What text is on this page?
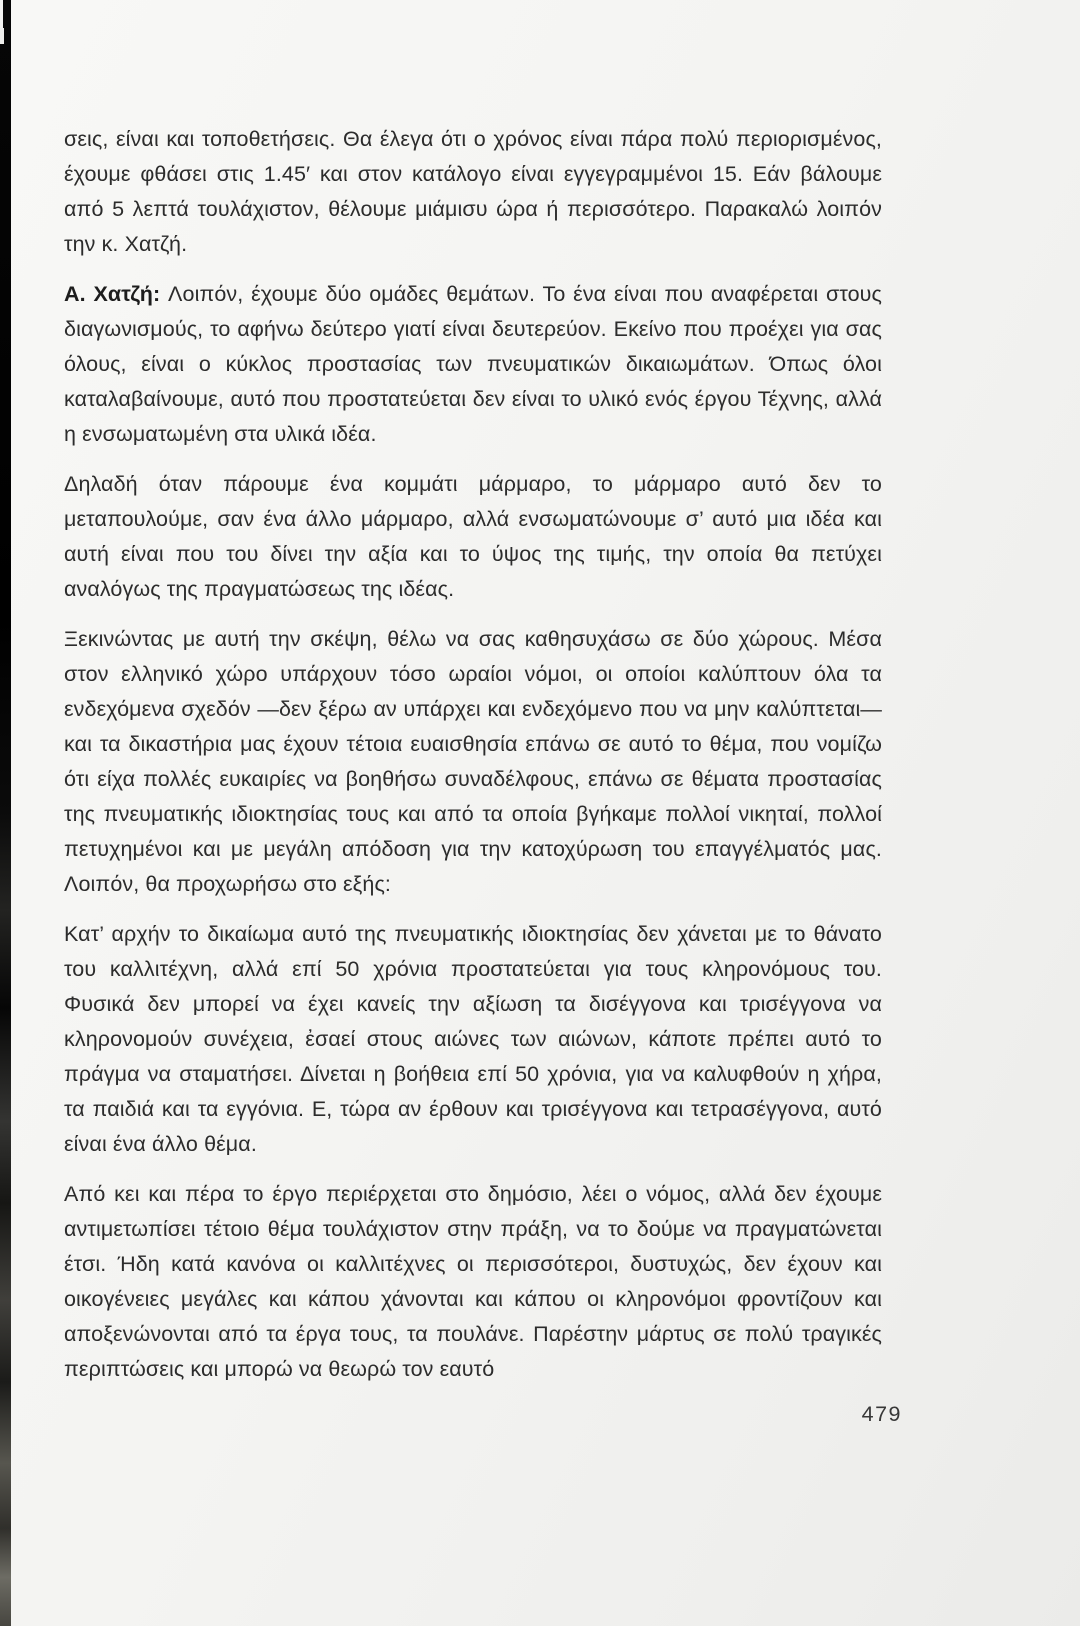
σεις, είναι και τοποθετήσεις. Θα έλεγα ότι ο χρόνος είναι πάρα πολύ περιορισμένος, έχουμε φθάσει στις 1.45′ και στον κατάλογο είναι εγγεγραμμένοι 15. Εάν βάλουμε από 5 λεπτά τουλάχιστον, θέλουμε μιάμισυ ώρα ή περισσότερο. Παρακαλώ λοιπόν την κ. Χατζή.

Α. Χατζή: Λοιπόν, έχουμε δύο ομάδες θεμάτων. Το ένα είναι που αναφέρεται στους διαγωνισμούς, το αφήνω δεύτερο γιατί είναι δευτερεύον. Εκείνο που προέχει για σας όλους, είναι ο κύκλος προστασίας των πνευματικών δικαιωμάτων. Όπως όλοι καταλαβαίνουμε, αυτό που προστατεύεται δεν είναι το υλικό ενός έργου Τέχνης, αλλά η ενσωματωμένη στα υλικά ιδέα.

Δηλαδή όταν πάρουμε ένα κομμάτι μάρμαρο, το μάρμαρο αυτό δεν το μεταπουλούμε, σαν ένα άλλο μάρμαρο, αλλά ενσωματώνουμε σ’ αυτό μια ιδέα και αυτή είναι που του δίνει την αξία και το ύψος της τιμής, την οποία θα πετύχει αναλόγως της πραγματώσεως της ιδέας.

Ξεκινώντας με αυτή την σκέψη, θέλω να σας καθησυχάσω σε δύο χώρους. Μέσα στον ελληνικό χώρο υπάρχουν τόσο ωραίοι νόμοι, οι οποίοι καλύπτουν όλα τα ενδεχόμενα σχεδόν —δεν ξέρω αν υπάρχει και ενδεχόμενο που να μην καλύπτεται— και τα δικαστήρια μας έχουν τέτοια ευαισθησία επάνω σε αυτό το θέμα, που νομίζω ότι είχα πολλές ευκαιρίες να βοηθήσω συναδέλφους, επάνω σε θέματα προστασίας της πνευματικής ιδιοκτησίας τους και από τα οποία βγήκαμε πολλοί νικηταί, πολλοί πετυχημένοι και με μεγάλη απόδοση για την κατοχύρωση του επαγγέλματός μας. Λοιπόν, θα προχωρήσω στο εξής:

Κατ’ αρχήν το δικαίωμα αυτό της πνευματικής ιδιοκτησίας δεν χάνεται με το θάνατο του καλλιτέχνη, αλλά επί 50 χρόνια προστατεύεται για τους κληρονόμους του. Φυσικά δεν μπορεί να έχει κανείς την αξίωση τα δισέγγονα και τρισέγγονα να κληρονομούν συνέχεια, ἐσαεί στους αιώνες των αιώνων, κάποτε πρέπει αυτό το πράγμα να σταματήσει. Δίνεται η βοήθεια επί 50 χρόνια, για να καλυφθούν η χήρα, τα παιδιά και τα εγγόνια. Ε, τώρα αν έρθουν και τρισέγγονα και τετρασέγγονα, αυτό είναι ένα άλλο θέμα.

Από κει και πέρα το έργο περιέρχεται στο δημόσιο, λέει ο νόμος, αλλά δεν έχουμε αντιμετωπίσει τέτοιο θέμα τουλάχιστον στην πράξη, να το δούμε να πραγματώνεται έτσι. Ήδη κατά κανόνα οι καλλιτέχνες οι περισσότεροι, δυστυχώς, δεν έχουν και οικογένειες μεγάλες και κάπου χάνονται και κάπου οι κληρονόμοι φροντίζουν και αποξενώνονται από τα έργα τους, τα πουλάνε. Παρέστην μάρτυς σε πολύ τραγικές περιπτώσεις και μπορώ να θεωρώ τον εαυτό

479
